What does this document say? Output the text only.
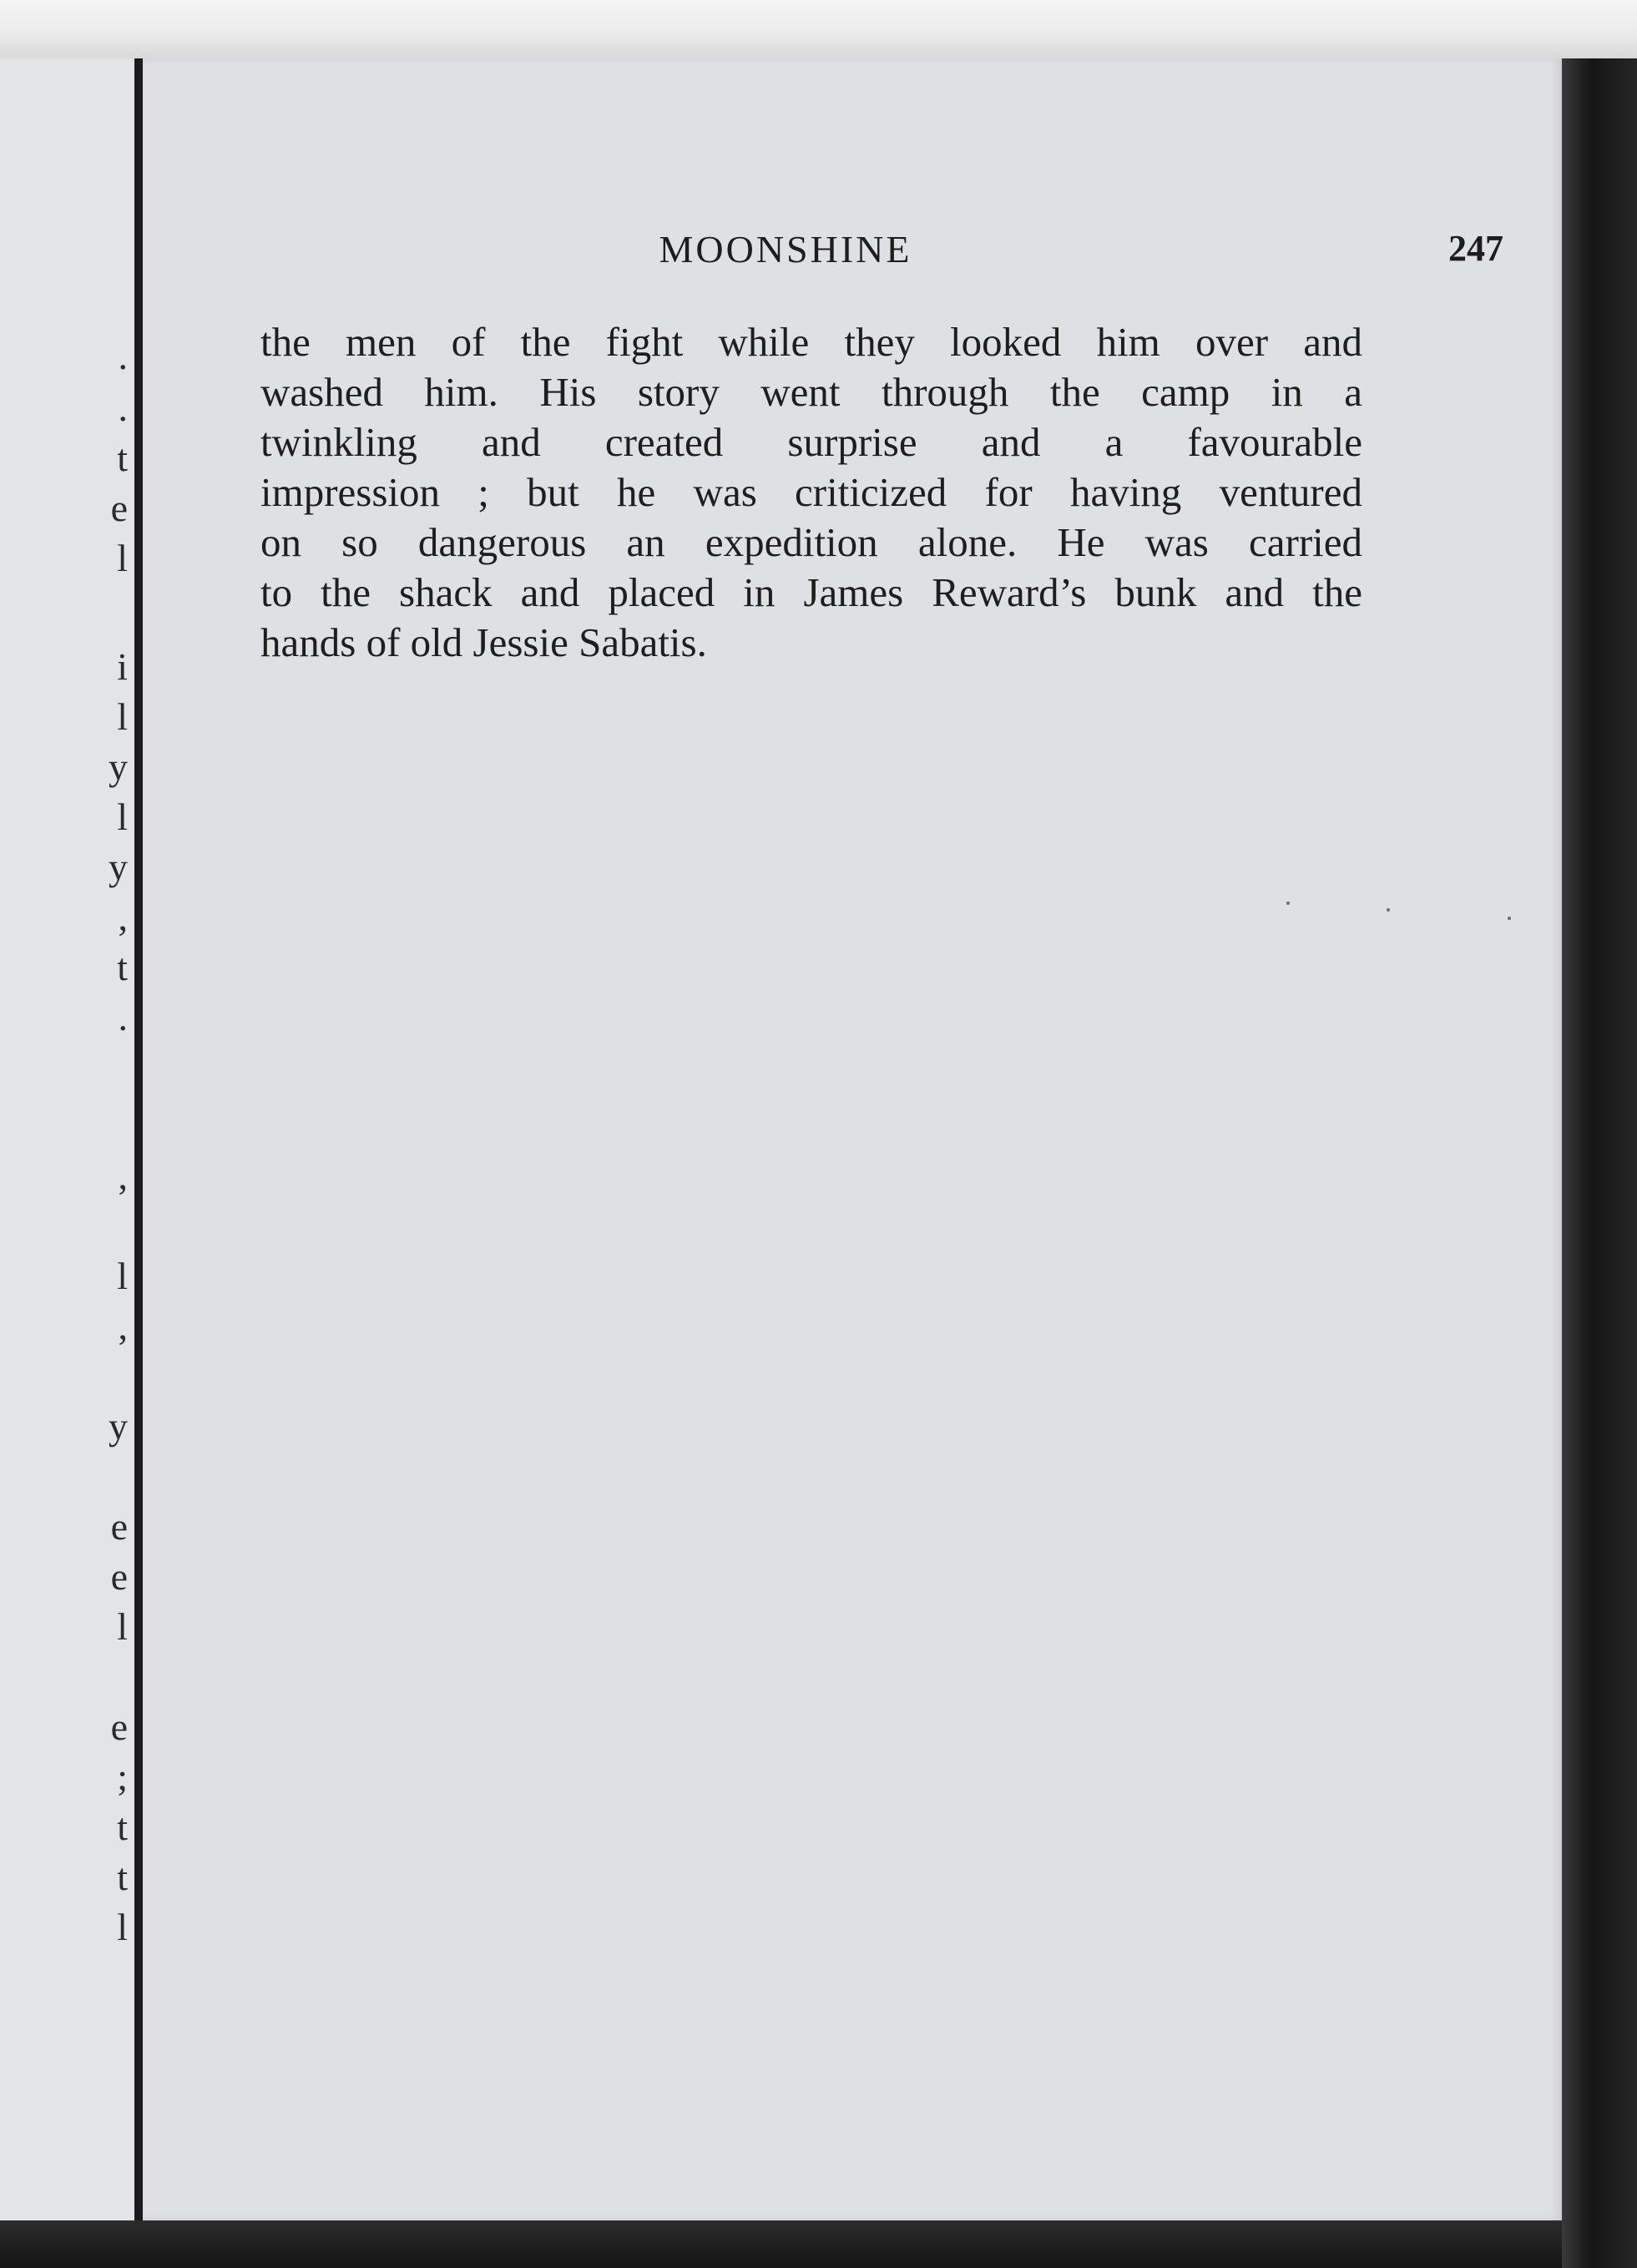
.
.
t
e
l
i
l
y
l
y
,
t
.
,
l
,
y
e
e
l
e
;
t
t
l
MOONSHINE	247
the men of the fight while they looked him over and
washed him. His story went through the camp in a
twinkling and created surprise and a favourable
impression ; but he was criticized for having ventured
on so dangerous an expedition alone. He was carried
to the shack and placed in James Reward’s bunk and the
hands of old Jessie Sabatis.
